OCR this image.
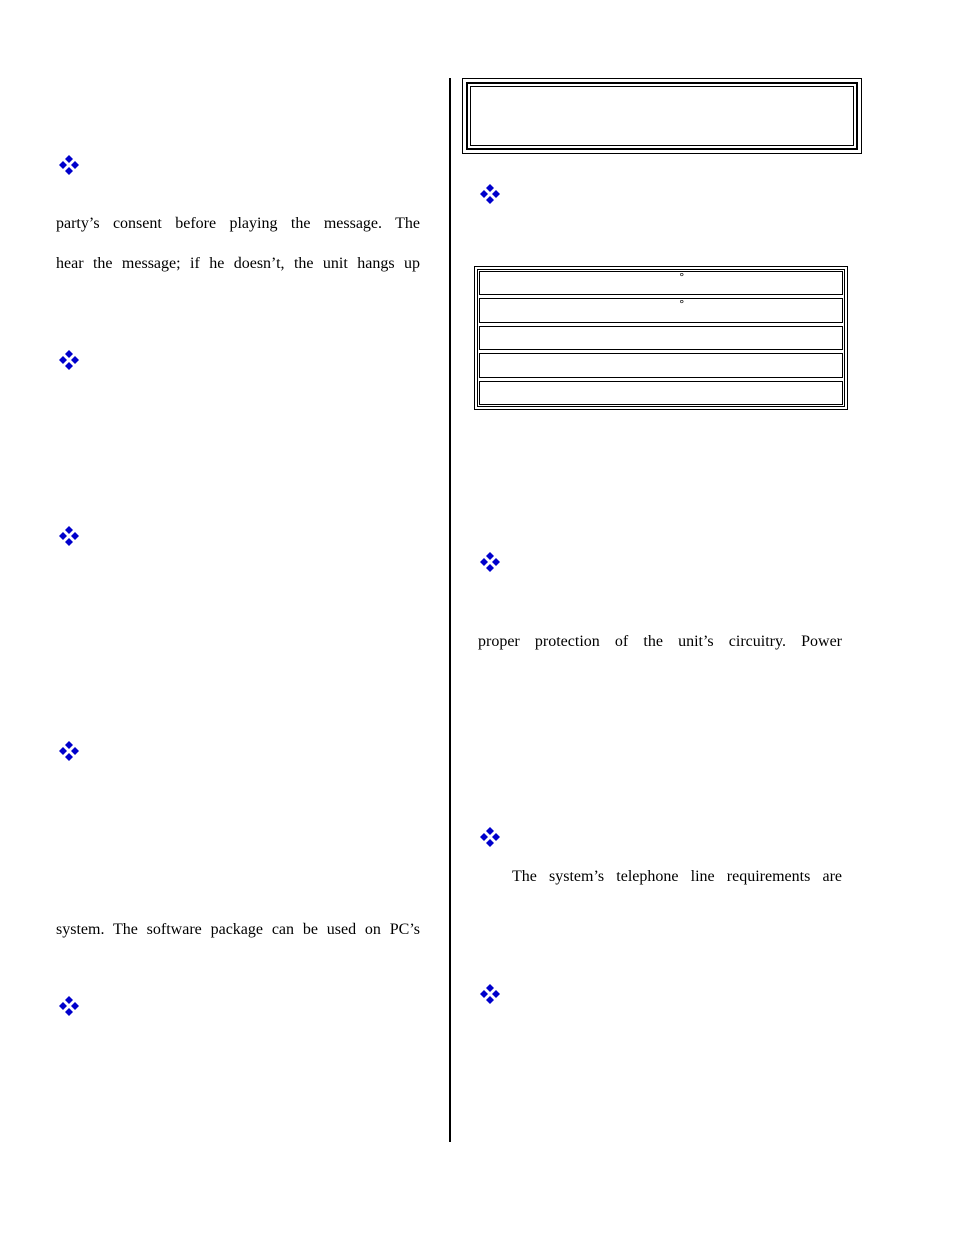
party’s consent before playing the message. The
hear the message; if he doesn’t, the unit hangs up
system. The software package can be used on PC’s
°
°
proper protection of the unit’s circuitry. Power
The system’s telephone line requirements are
